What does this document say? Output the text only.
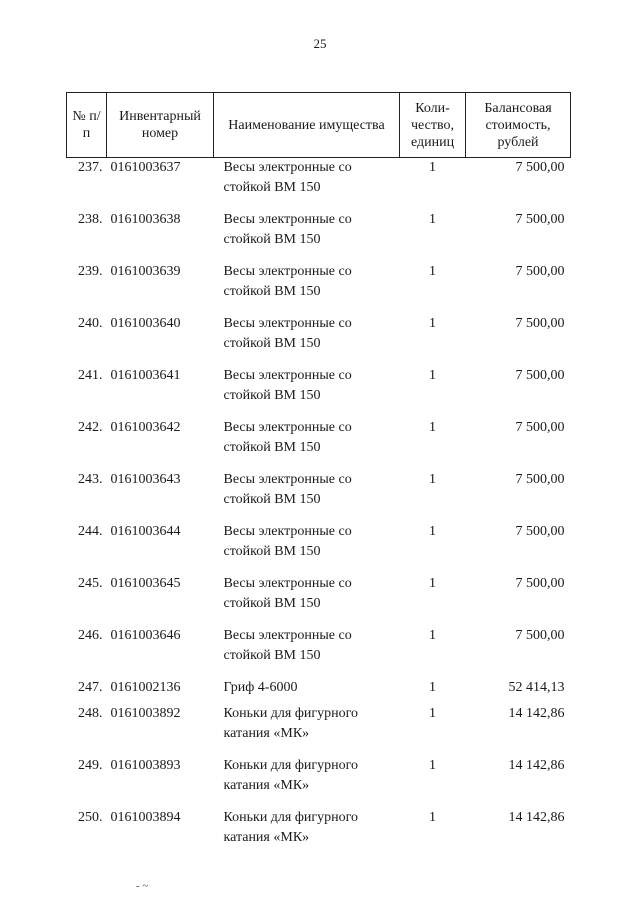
25
№ п/п	Инвентарный номер	Наименование имущества	Коли-чество, единиц	Балансовая стоимость, рублей
237.	0161003637	Весы электронные со стойкой ВМ 150	1	7 500,00
238.	0161003638	Весы электронные со стойкой ВМ 150	1	7 500,00
239.	0161003639	Весы электронные со стойкой ВМ 150	1	7 500,00
240.	0161003640	Весы электронные со стойкой ВМ 150	1	7 500,00
241.	0161003641	Весы электронные со стойкой ВМ 150	1	7 500,00
242.	0161003642	Весы электронные со стойкой ВМ 150	1	7 500,00
243.	0161003643	Весы электронные со стойкой ВМ 150	1	7 500,00
244.	0161003644	Весы электронные со стойкой ВМ 150	1	7 500,00
245.	0161003645	Весы электронные со стойкой ВМ 150	1	7 500,00
246.	0161003646	Весы электронные со стойкой ВМ 150	1	7 500,00
247.	0161002136	Гриф 4-6000	1	52 414,13
248.	0161003892	Коньки для фигурного катания «МК»	1	14 142,86
249.	0161003893	Коньки для фигурного катания «МК»	1	14 142,86
250.	0161003894	Коньки для фигурного катания «МК»	1	14 142,86
- ~
